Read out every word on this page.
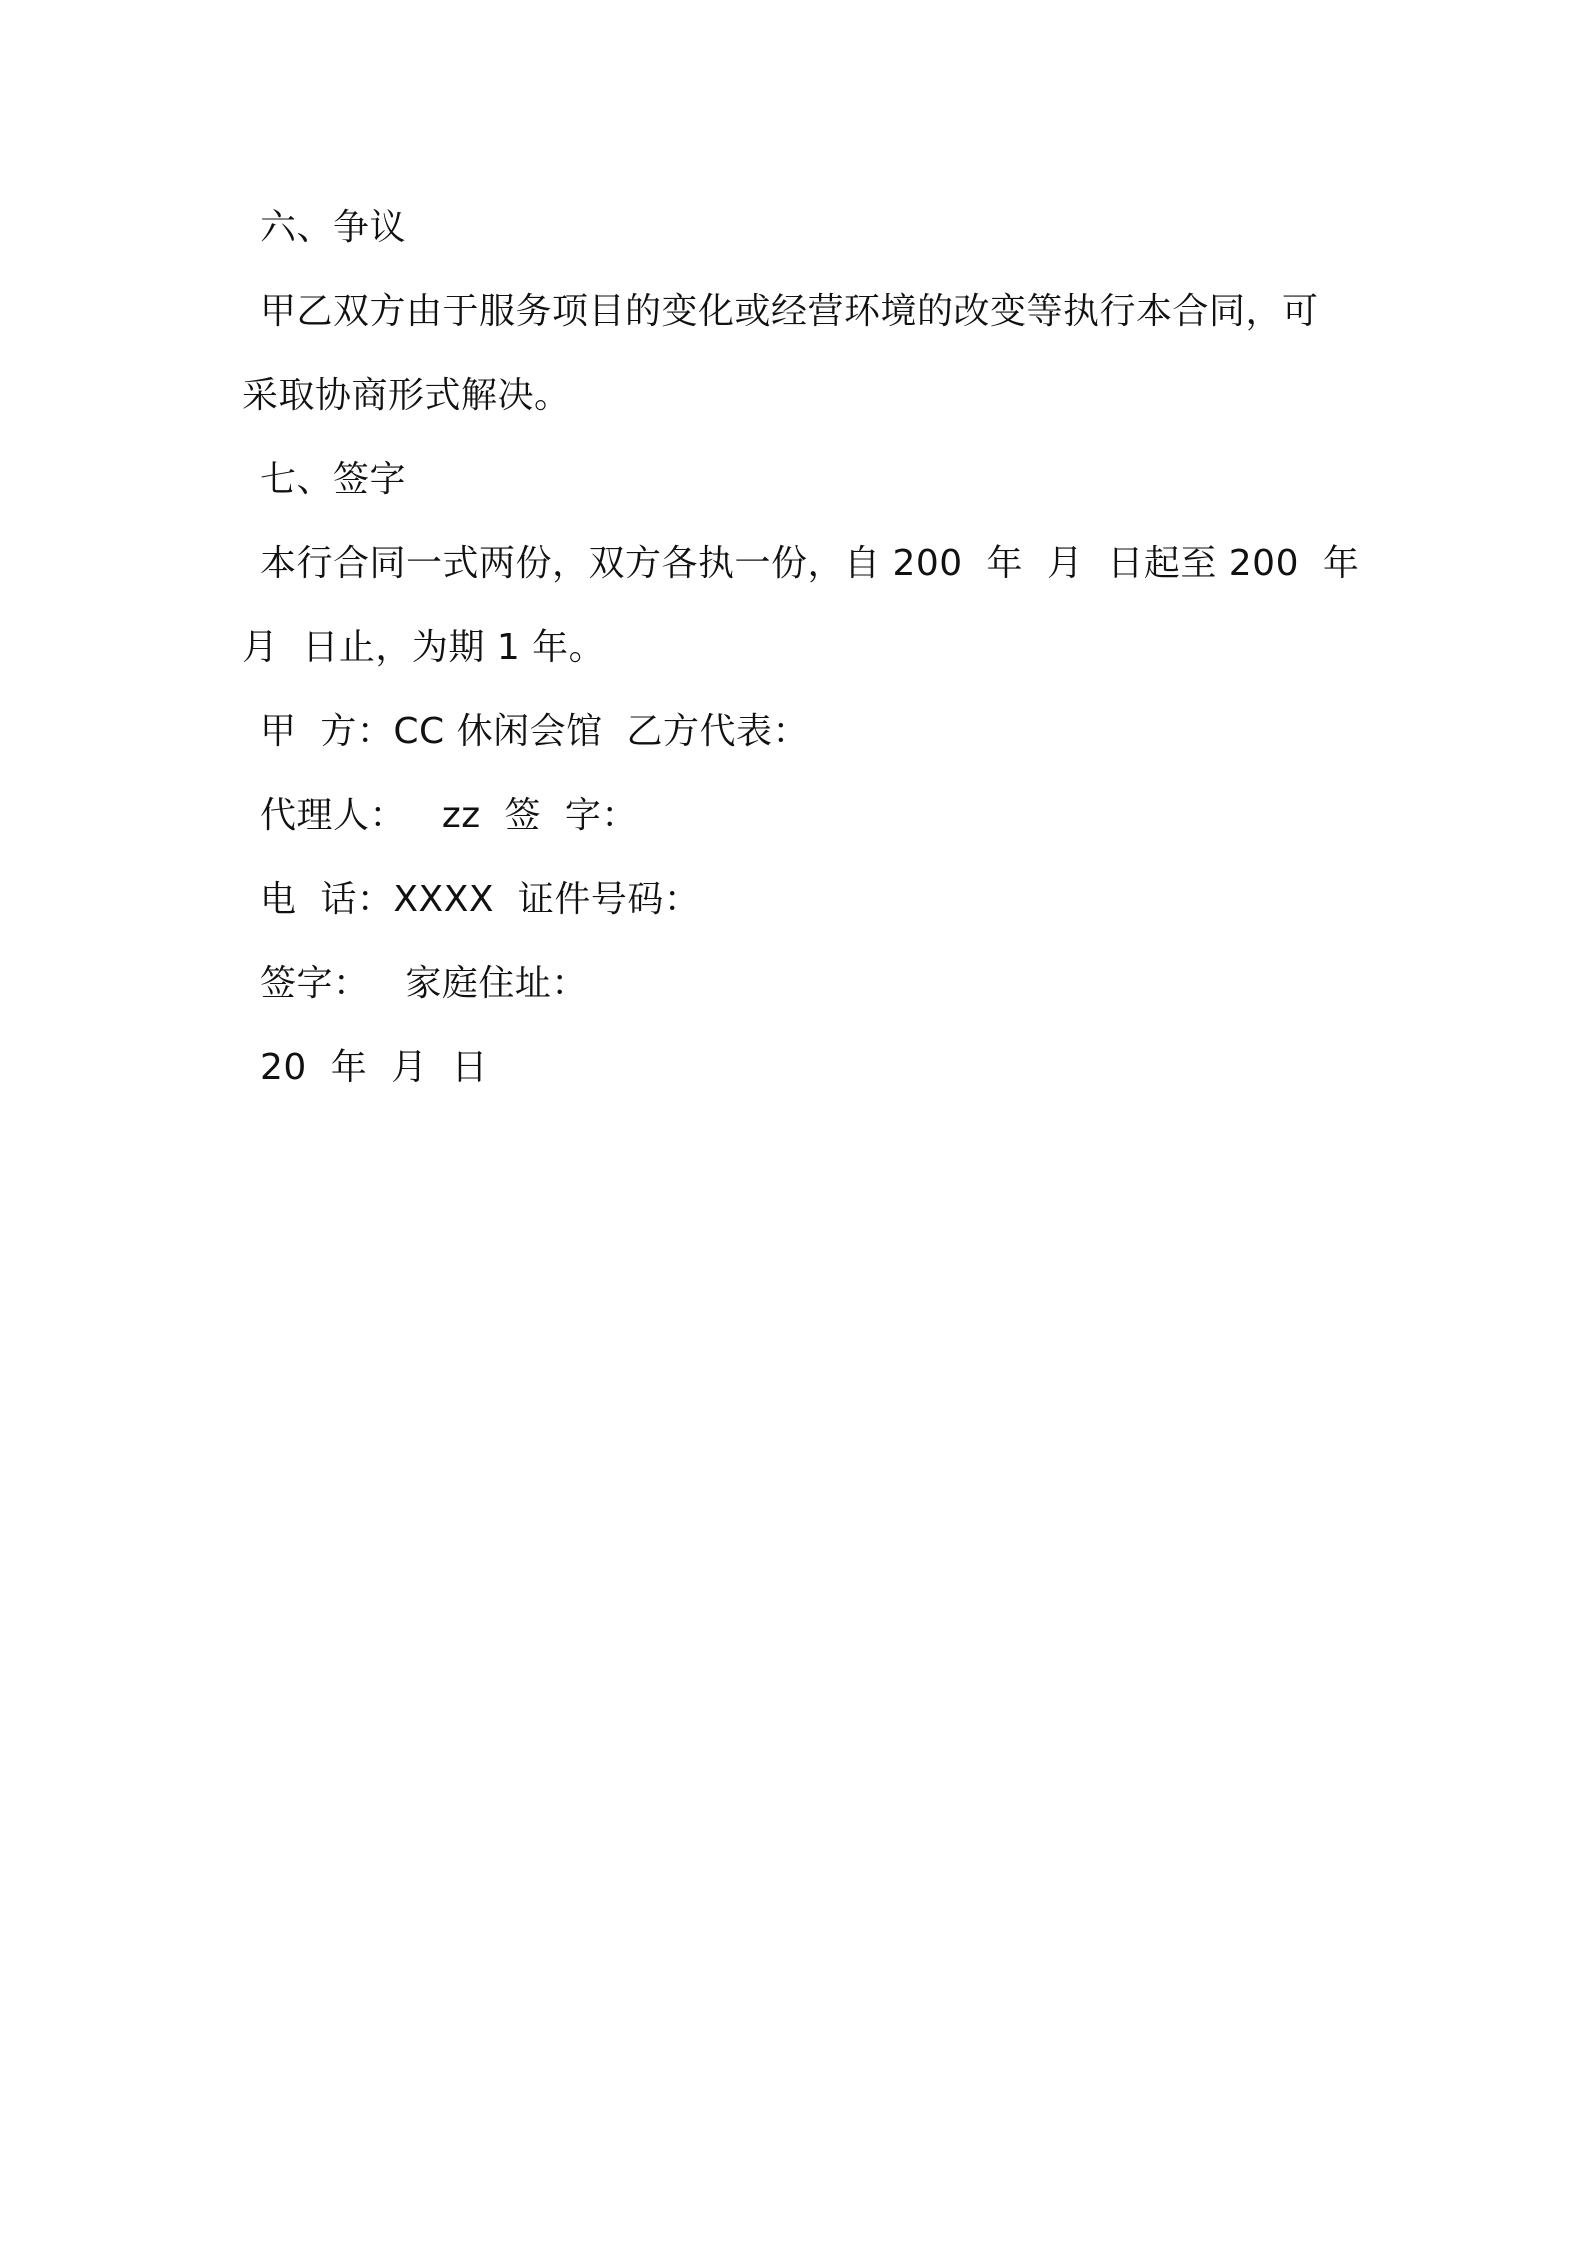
六、争议
甲乙双方由于服务项目的变化或经营环境的改变等执行本合同，可
采取协商形式解决。
七、签字
本行合同一式两份，双方各执一份，自 200  年  月  日起至 200  年
月  日止，为期 1 年。
甲  方：CC 休闲会馆  乙方代表：
代理人：   zz  签  字：
电  话：XXXX  证件号码：
签字：   家庭住址：
20  年  月  日
